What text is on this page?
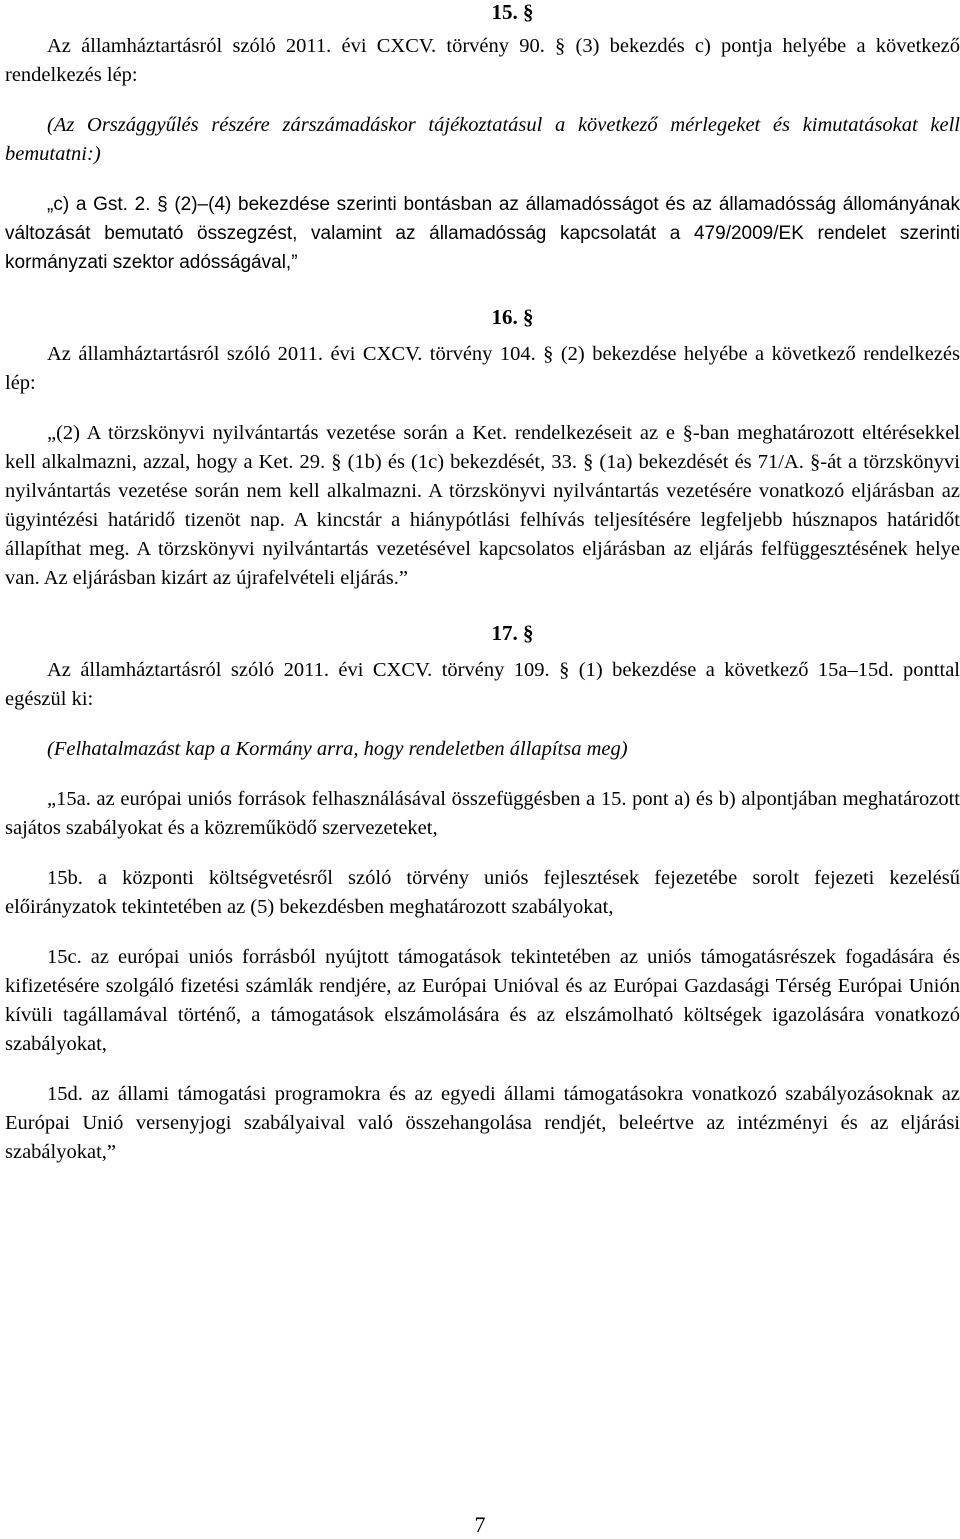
15. §

Az államháztartásról szóló 2011. évi CXCV. törvény 90. § (3) bekezdés c) pontja helyébe a következő rendelkezés lép:

(Az Országgyűlés részére zárszámadáskor tájékoztatásul a következő mérlegeket és kimutatásokat kell bemutatni:)

„c) a Gst. 2. § (2)–(4) bekezdése szerinti bontásban az államadósságot és az államadósság állományának változását bemutató összegzést, valamint az államadósság kapcsolatát a 479/2009/EK rendelet szerinti kormányzati szektor adósságával,”

16. §

Az államháztartásról szóló 2011. évi CXCV. törvény 104. § (2) bekezdése helyébe a következő rendelkezés lép:

„(2) A törzskönyvi nyilvántartás vezetése során a Ket. rendelkezéseit az e §-ban meghatározott eltérésekkel kell alkalmazni, azzal, hogy a Ket. 29. § (1b) és (1c) bekezdését, 33. § (1a) bekezdését és 71/A. §-át a törzskönyvi nyilvántartás vezetése során nem kell alkalmazni. A törzskönyvi nyilvántartás vezetésére vonatkozó eljárásban az ügyintézési határidő tizenöt nap. A kincstár a hiánypótlási felhívás teljesítésére legfeljebb húsznapos határidőt állapíthat meg. A törzskönyvi nyilvántartás vezetésével kapcsolatos eljárásban az eljárás felfüggesztésének helye van. Az eljárásban kizárt az újrafelvételi eljárás.”

17. §

Az államháztartásról szóló 2011. évi CXCV. törvény 109. § (1) bekezdése a következő 15a–15d. ponttal egészül ki:

(Felhatalmazást kap a Kormány arra, hogy rendeletben állapítsa meg)

„15a. az európai uniós források felhasználásával összefüggésben a 15. pont a) és b) alpontjában meghatározott sajátos szabályokat és a közreműködő szervezeteket,

15b. a központi költségvetésről szóló törvény uniós fejlesztések fejezetébe sorolt fejezeti kezelésű előirányzatok tekintetében az (5) bekezdésben meghatározott szabályokat,

15c. az európai uniós forrásból nyújtott támogatások tekintetében az uniós támogatásrészek fogadására és kifizetésére szolgáló fizetési számlák rendjére, az Európai Unióval és az Európai Gazdasági Térség Európai Unión kívüli tagállamával történő, a támogatások elszámolására és az elszámolható költségek igazolására vonatkozó szabályokat,

15d. az állami támogatási programokra és az egyedi állami támogatásokra vonatkozó szabályozásoknak az Európai Unió versenyjogi szabályaival való összehangolása rendjét, beleértve az intézményi és az eljárási szabályokat,”

7
